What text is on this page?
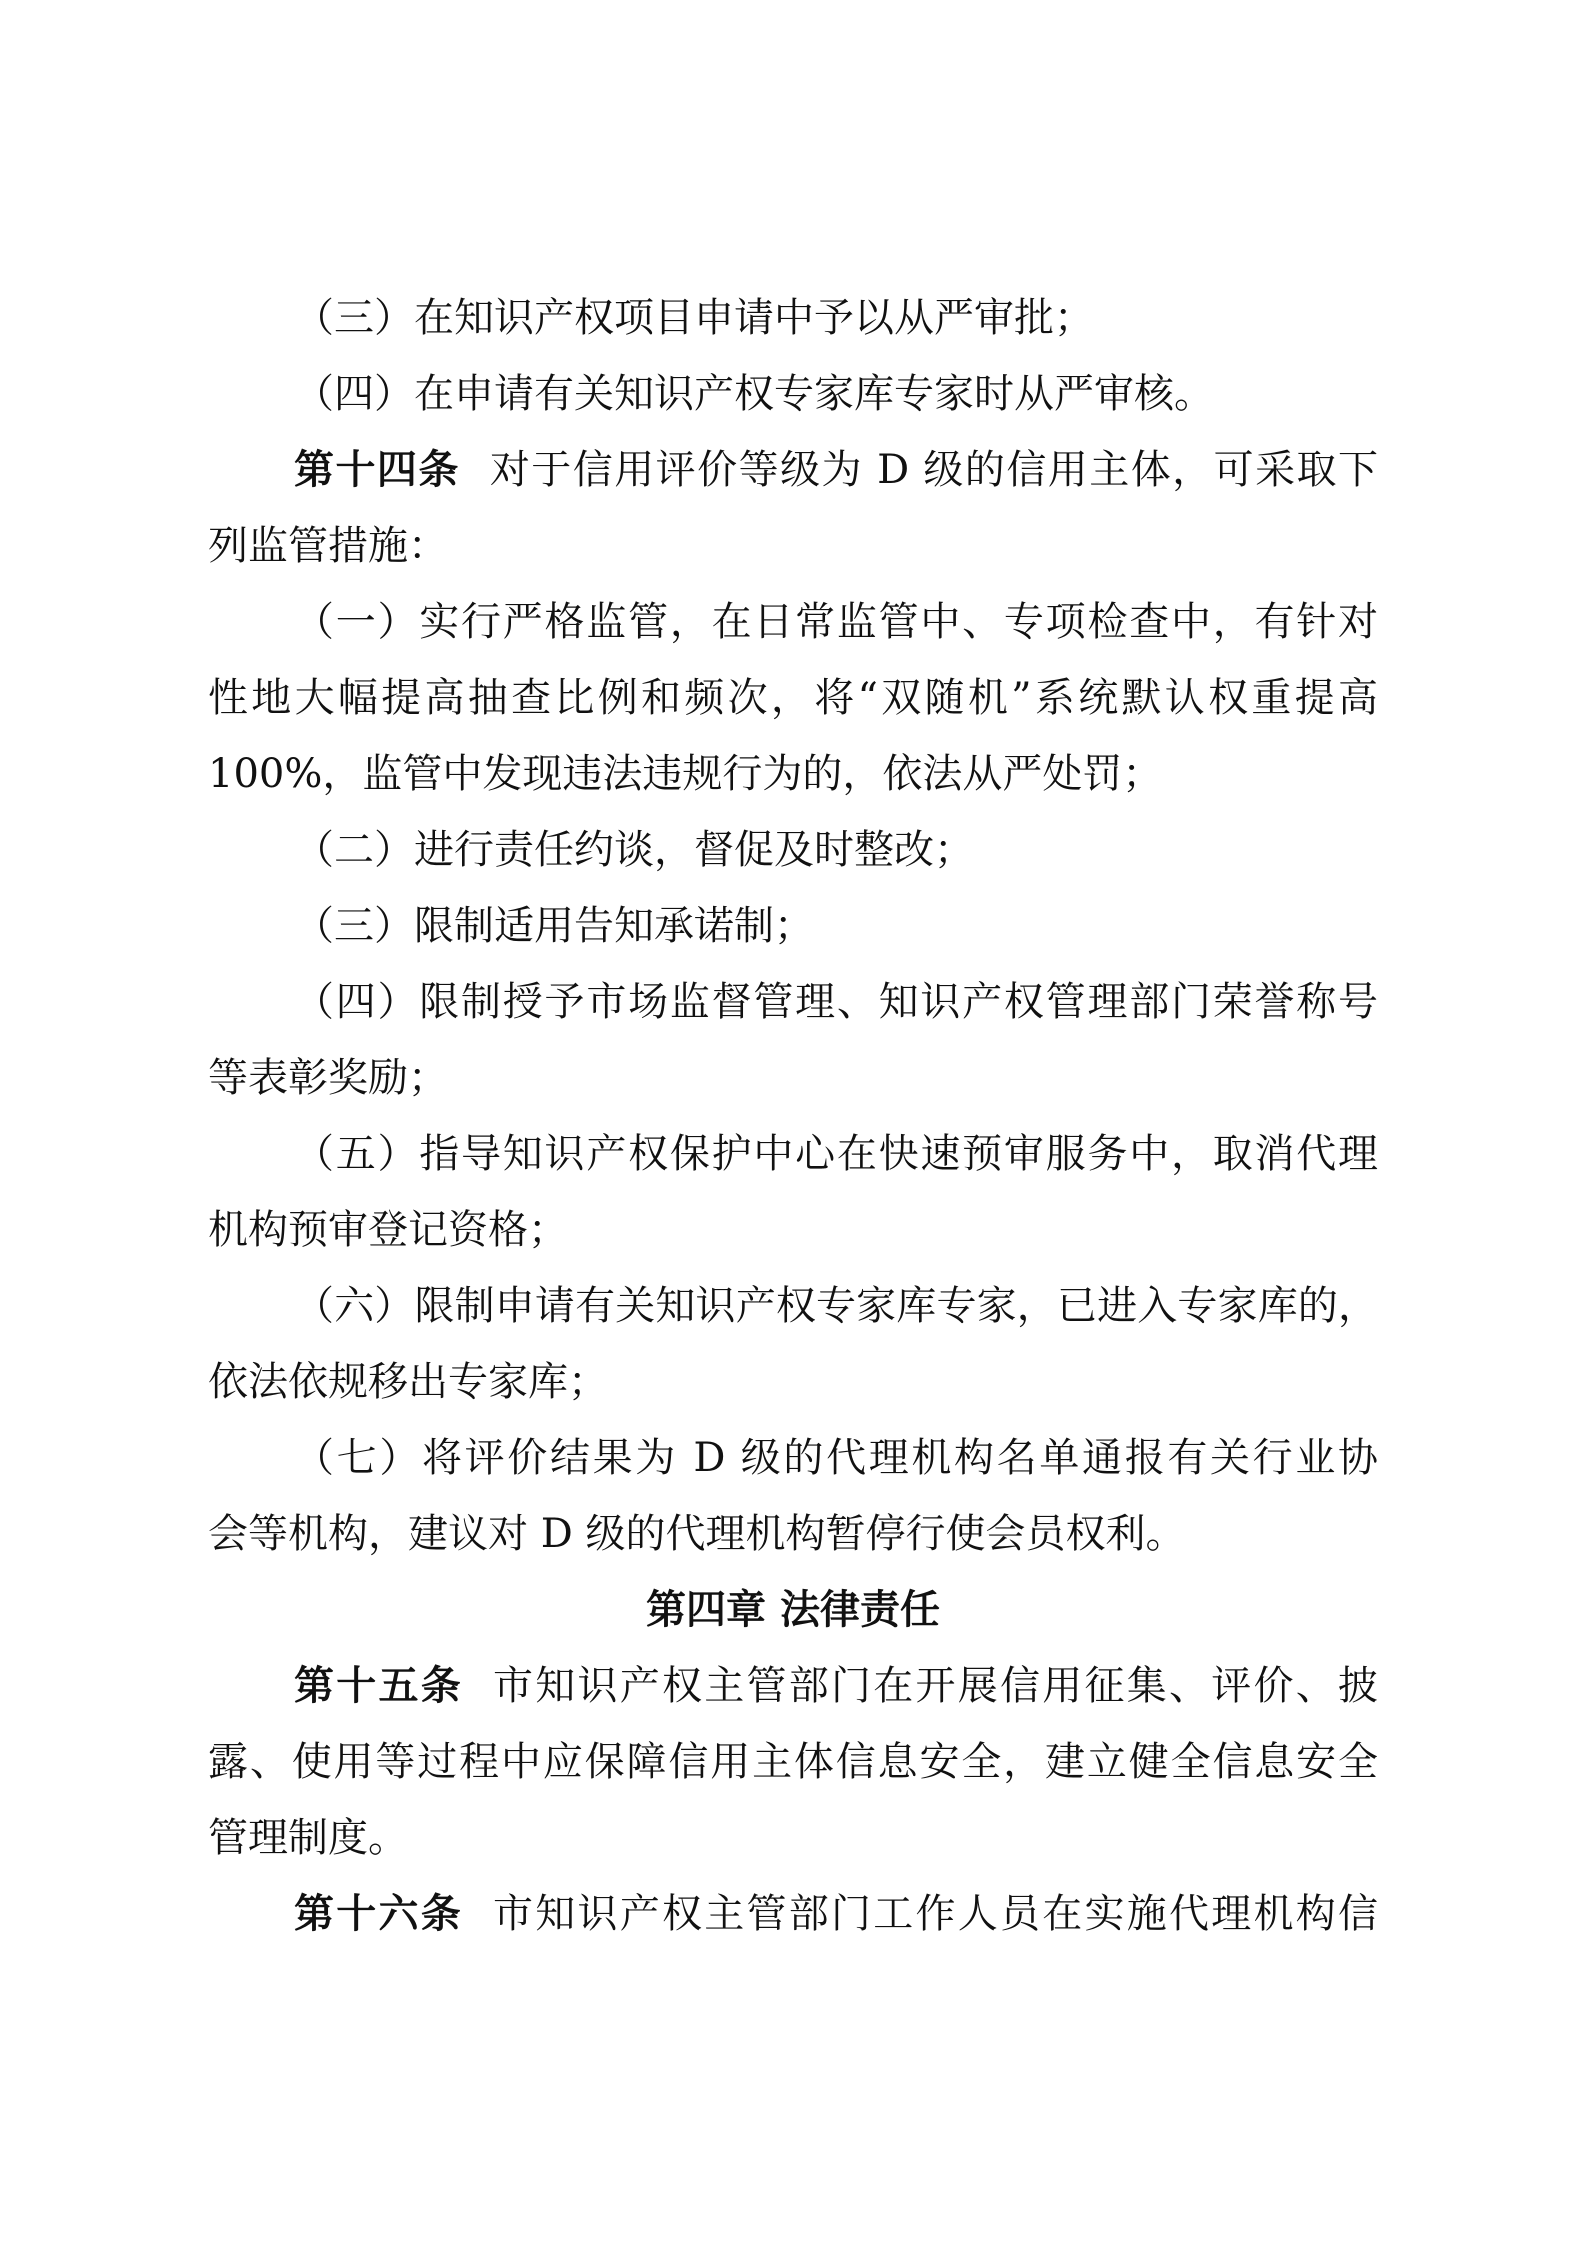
（三）在知识产权项目申请中予以从严审批；
（四）在申请有关知识产权专家库专家时从严审核。
第十四条 对于信用评价等级为 D 级的信用主体，可采取下
列监管措施：
（一）实行严格监管，在日常监管中、专项检查中，有针对
性地大幅提高抽查比例和频次，将“双随机”系统默认权重提高
100%，监管中发现违法违规行为的，依法从严处罚；
（二）进行责任约谈，督促及时整改；
（三）限制适用告知承诺制；
（四）限制授予市场监督管理、知识产权管理部门荣誉称号
等表彰奖励；
（五）指导知识产权保护中心在快速预审服务中，取消代理
机构预审登记资格；
（六）限制申请有关知识产权专家库专家，已进入专家库的，
依法依规移出专家库；
（七）将评价结果为 D 级的代理机构名单通报有关行业协
会等机构，建议对 D 级的代理机构暂停行使会员权利。
第四章 法律责任
第十五条 市知识产权主管部门在开展信用征集、评价、披
露、使用等过程中应保障信用主体信息安全，建立健全信息安全
管理制度。
第十六条 市知识产权主管部门工作人员在实施代理机构信
